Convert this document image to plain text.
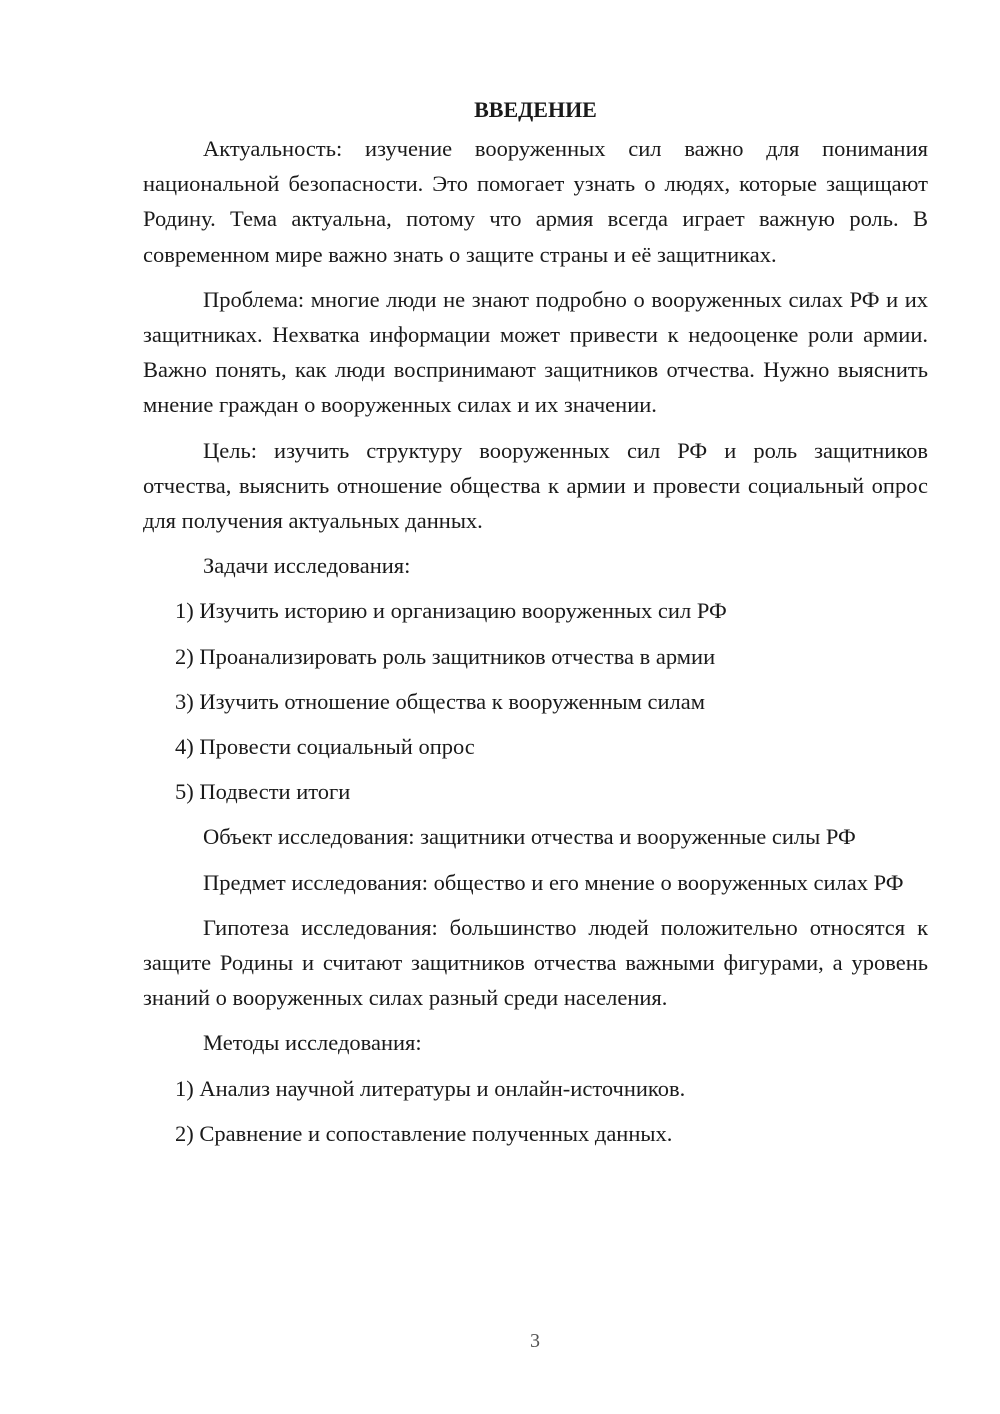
ВВЕДЕНИЕ

Актуальность: изучение вооруженных сил важно для понимания национальной безопасности. Это помогает узнать о людях, которые защищают Родину. Тема актуальна, потому что армия всегда играет важную роль. В современном мире важно знать о защите страны и её защитниках.

Проблема: многие люди не знают подробно о вооруженных силах РФ и их защитниках. Нехватка информации может привести к недооценке роли армии. Важно понять, как люди воспринимают защитников отчества. Нужно выяснить мнение граждан о вооруженных силах и их значении.

Цель: изучить структуру вооруженных сил РФ и роль защитников отчества, выяснить отношение общества к армии и провести социальный опрос для получения актуальных данных.

Задачи исследования:

1) Изучить историю и организацию вооруженных сил РФ
2) Проанализировать роль защитников отчества в армии
3) Изучить отношение общества к вооруженным силам
4) Провести социальный опрос
5) Подвести итоги

Объект исследования: защитники отчества и вооруженные силы РФ

Предмет исследования: общество и его мнение о вооруженных силах РФ

Гипотеза исследования: большинство людей положительно относятся к защите Родины и считают защитников отчества важными фигурами, а уровень знаний о вооруженных силах разный среди населения.

Методы исследования:

1) Анализ научной литературы и онлайн-источников.
2) Сравнение и сопоставление полученных данных.
3
